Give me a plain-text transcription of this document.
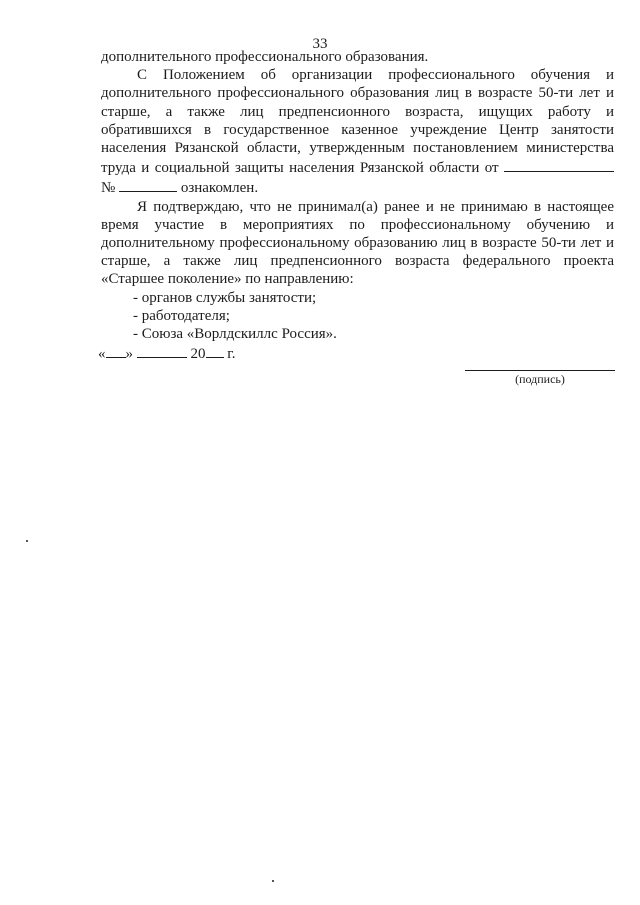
33

дополнительного профессионального образования.

С Положением об организации профессионального обучения и дополнительного профессионального образования лиц в возрасте 50-ти лет и старше, а также лиц предпенсионного возраста, ищущих работу и обратившихся в государственное казенное учреждение Центр занятости населения Рязанской области, утвержденным постановлением министерства труда и социальной защиты населения Рязанской области от №	ознакомлен.

Я подтверждаю, что не принимал(а) ранее и не принимаю в настоящее время участие в мероприятиях по профессиональному обучению и дополнительному профессиональному образованию лиц в возрасте 50-ти лет и старше, а также лиц предпенсионного возраста федерального проекта «Старшее поколение» по направлению:

- органов службы занятости;

- работодателя;

- Союза «Ворлдскиллс Россия».

« »	20 г.
(подпись)
